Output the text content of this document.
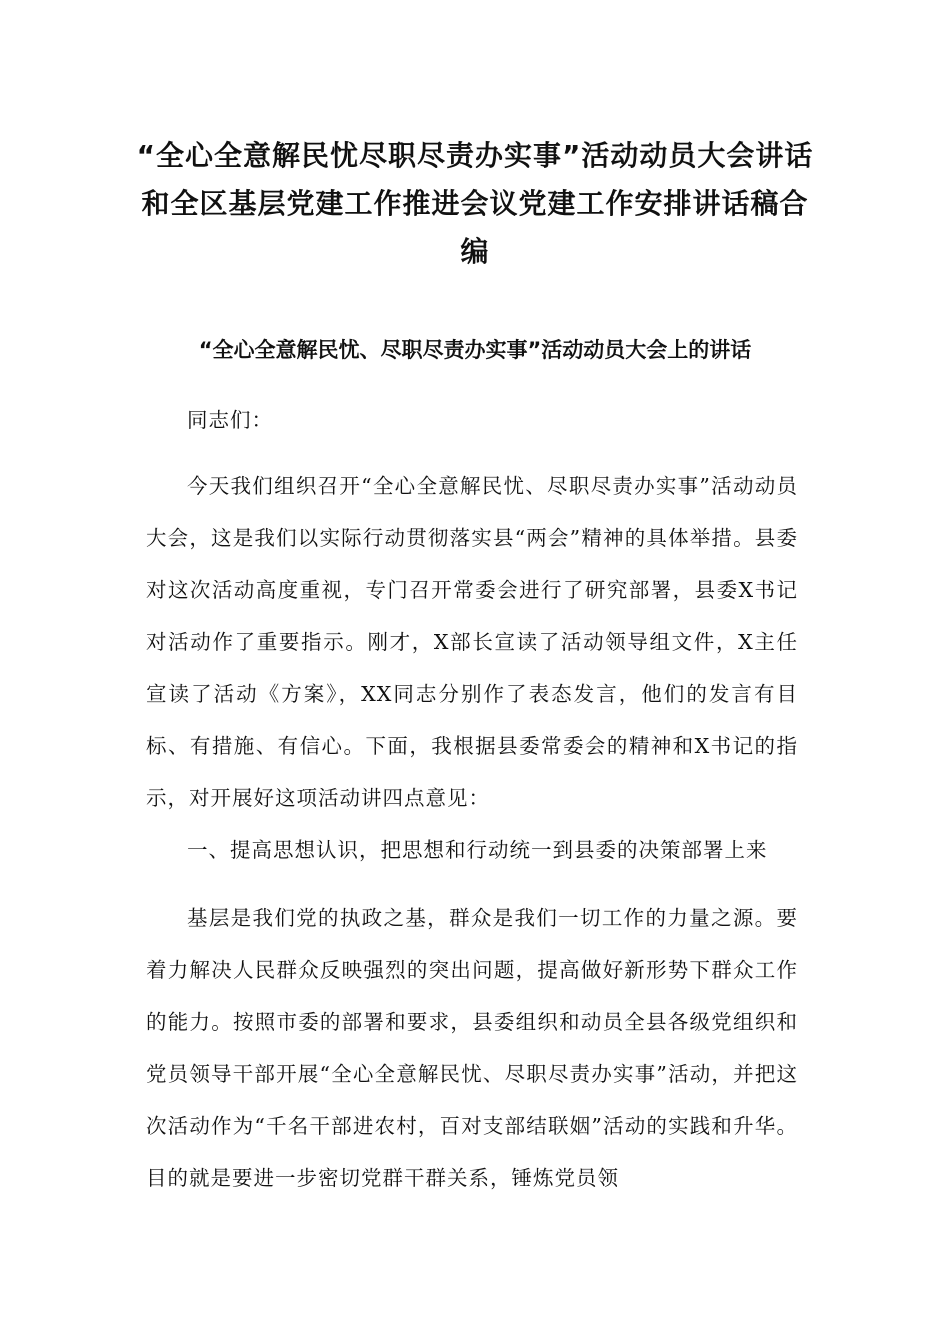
“全心全意解民忧尽职尽责办实事”活动动员大会讲话和全区基层党建工作推进会议党建工作安排讲话稿合编
“全心全意解民忧、尽职尽责办实事”活动动员大会上的讲话

同志们：

今天我们组织召开“全心全意解民忧、尽职尽责办实事”活动动员大会，这是我们以实际行动贯彻落实县“两会”精神的具体举措。县委对这次活动高度重视，专门召开常委会进行了研究部署，县委X书记对活动作了重要指示。刚才，X部长宣读了活动领导组文件，X主任宣读了活动《方案》，XX同志分别作了表态发言，他们的发言有目标、有措施、有信心。下面，我根据县委常委会的精神和X书记的指示，对开展好这项活动讲四点意见：

一、提高思想认识，把思想和行动统一到县委的决策部署上来

基层是我们党的执政之基，群众是我们一切工作的力量之源。要着力解决人民群众反映强烈的突出问题，提高做好新形势下群众工作的能力。按照市委的部署和要求，县委组织和动员全县各级党组织和党员领导干部开展“全心全意解民忧、尽职尽责办实事”活动，并把这次活动作为“千名干部进农村，百对支部结联姻”活动的实践和升华。目的就是要进一步密切党群干群关系，锤炼党员领
